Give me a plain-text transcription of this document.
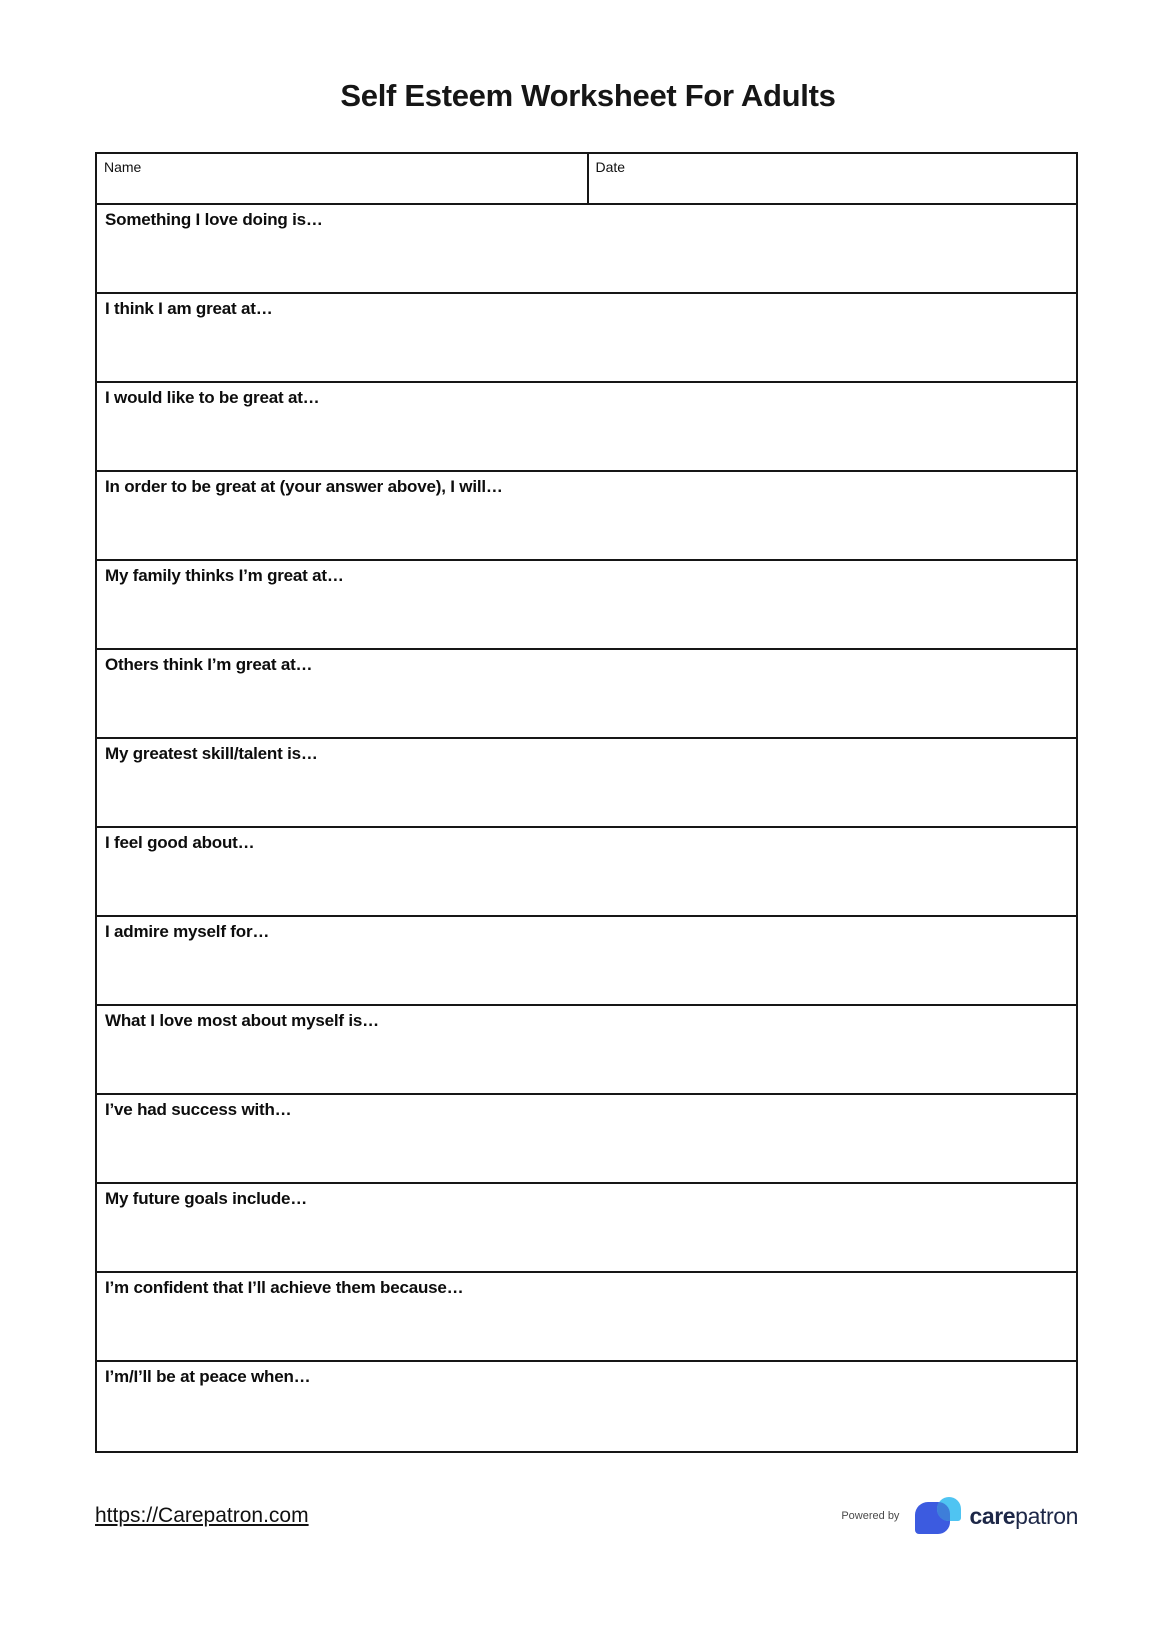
Self Esteem Worksheet For Adults
Name	Date
Something I love doing is…
I think I am great at…
I would like to be great at…
In order to be great at (your answer above), I will…
My family thinks I’m great at…
Others think I’m great at…
My greatest skill/talent is…
I feel good about…
I admire myself for…
What I love most about myself is…
I’ve had success with…
My future goals include…
I’m confident that I’ll achieve them because…
I’m/I’ll be at peace when…
https://Carepatron.com	Powered by	carepatron
